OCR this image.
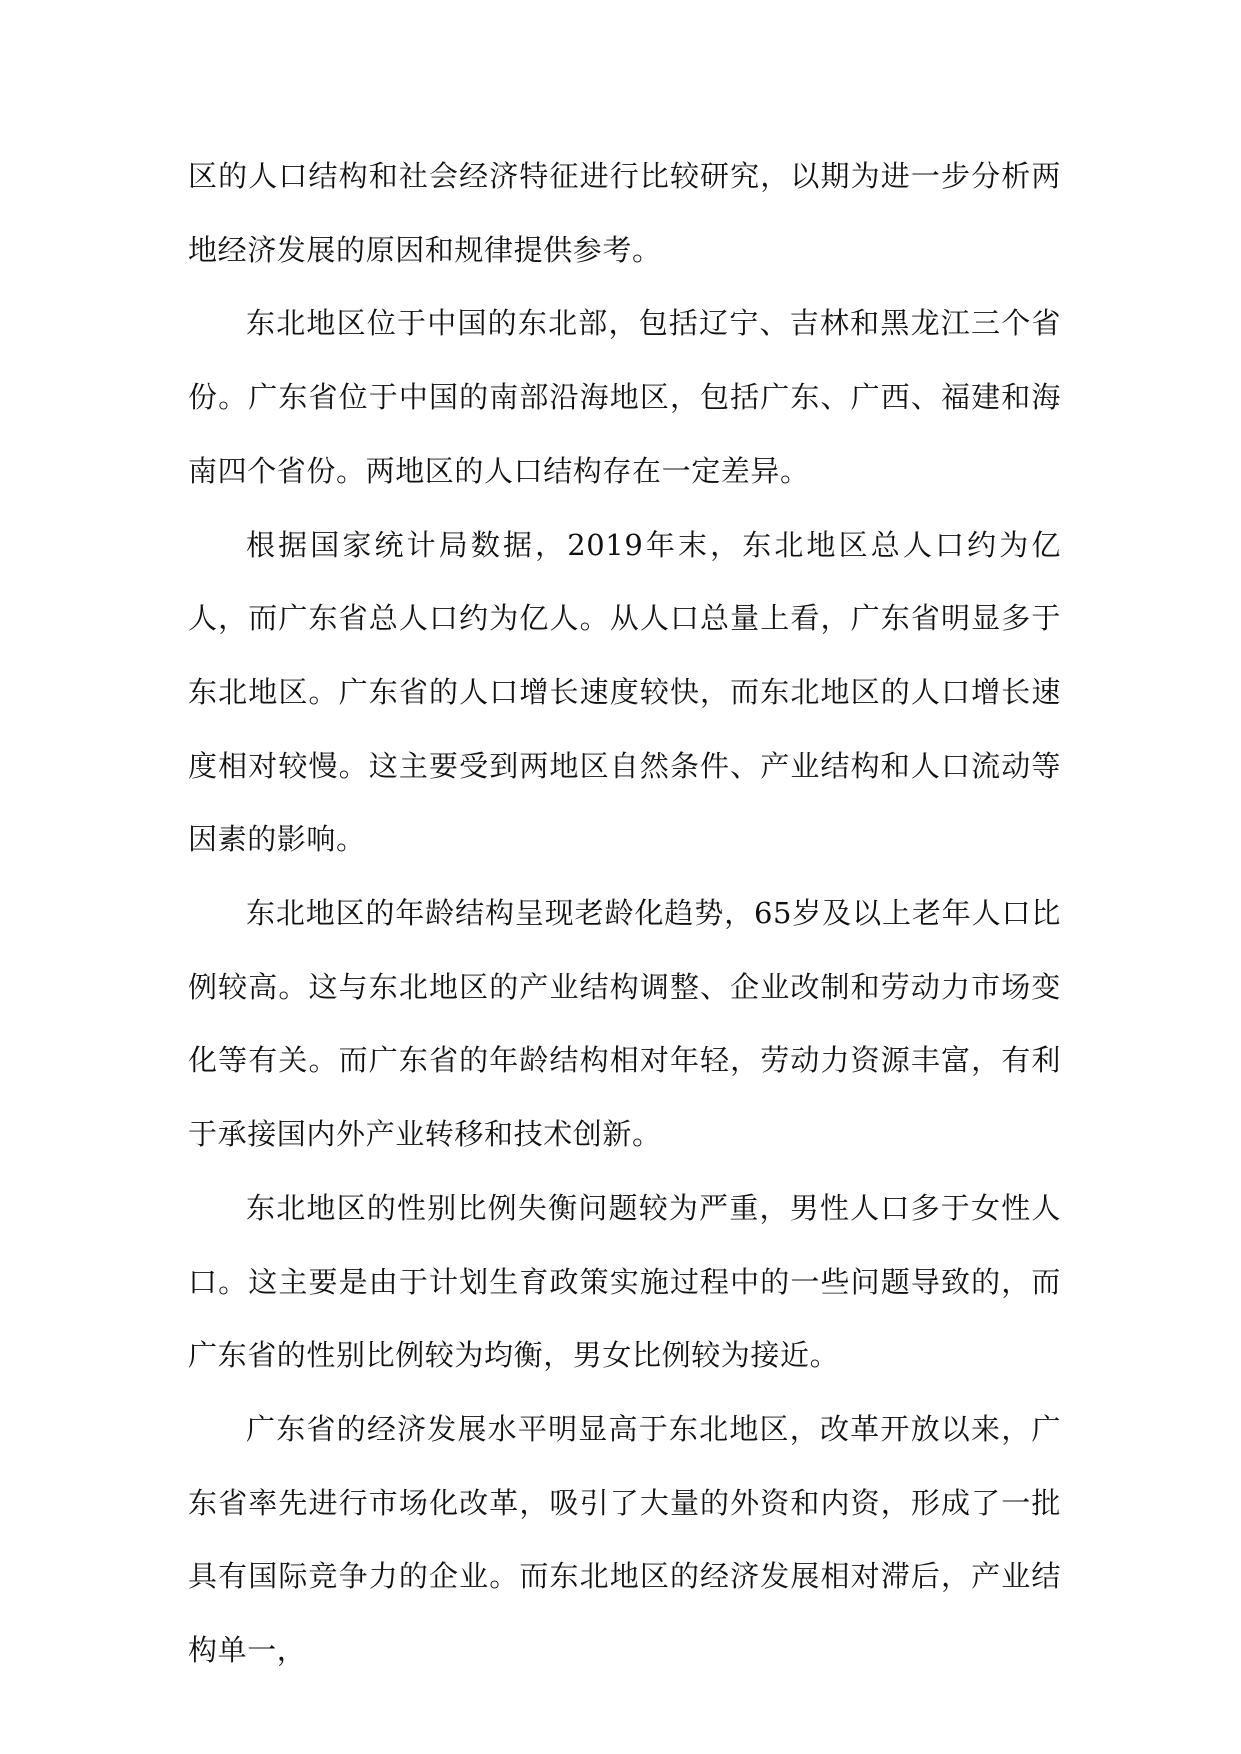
区的人口结构和社会经济特征进行比较研究，以期为进一步分析两地经济发展的原因和规律提供参考。

东北地区位于中国的东北部，包括辽宁、吉林和黑龙江三个省份。广东省位于中国的南部沿海地区，包括广东、广西、福建和海南四个省份。两地区的人口结构存在一定差异。

根据国家统计局数据，2019年末，东北地区总人口约为亿人，而广东省总人口约为亿人。从人口总量上看，广东省明显多于东北地区。广东省的人口增长速度较快，而东北地区的人口增长速度相对较慢。这主要受到两地区自然条件、产业结构和人口流动等因素的影响。

东北地区的年龄结构呈现老龄化趋势，65岁及以上老年人口比例较高。这与东北地区的产业结构调整、企业改制和劳动力市场变化等有关。而广东省的年龄结构相对年轻，劳动力资源丰富，有利于承接国内外产业转移和技术创新。

东北地区的性别比例失衡问题较为严重，男性人口多于女性人口。这主要是由于计划生育政策实施过程中的一些问题导致的，而广东省的性别比例较为均衡，男女比例较为接近。

广东省的经济发展水平明显高于东北地区，改革开放以来，广东省率先进行市场化改革，吸引了大量的外资和内资，形成了一批具有国际竞争力的企业。而东北地区的经济发展相对滞后，产业结构单一，
